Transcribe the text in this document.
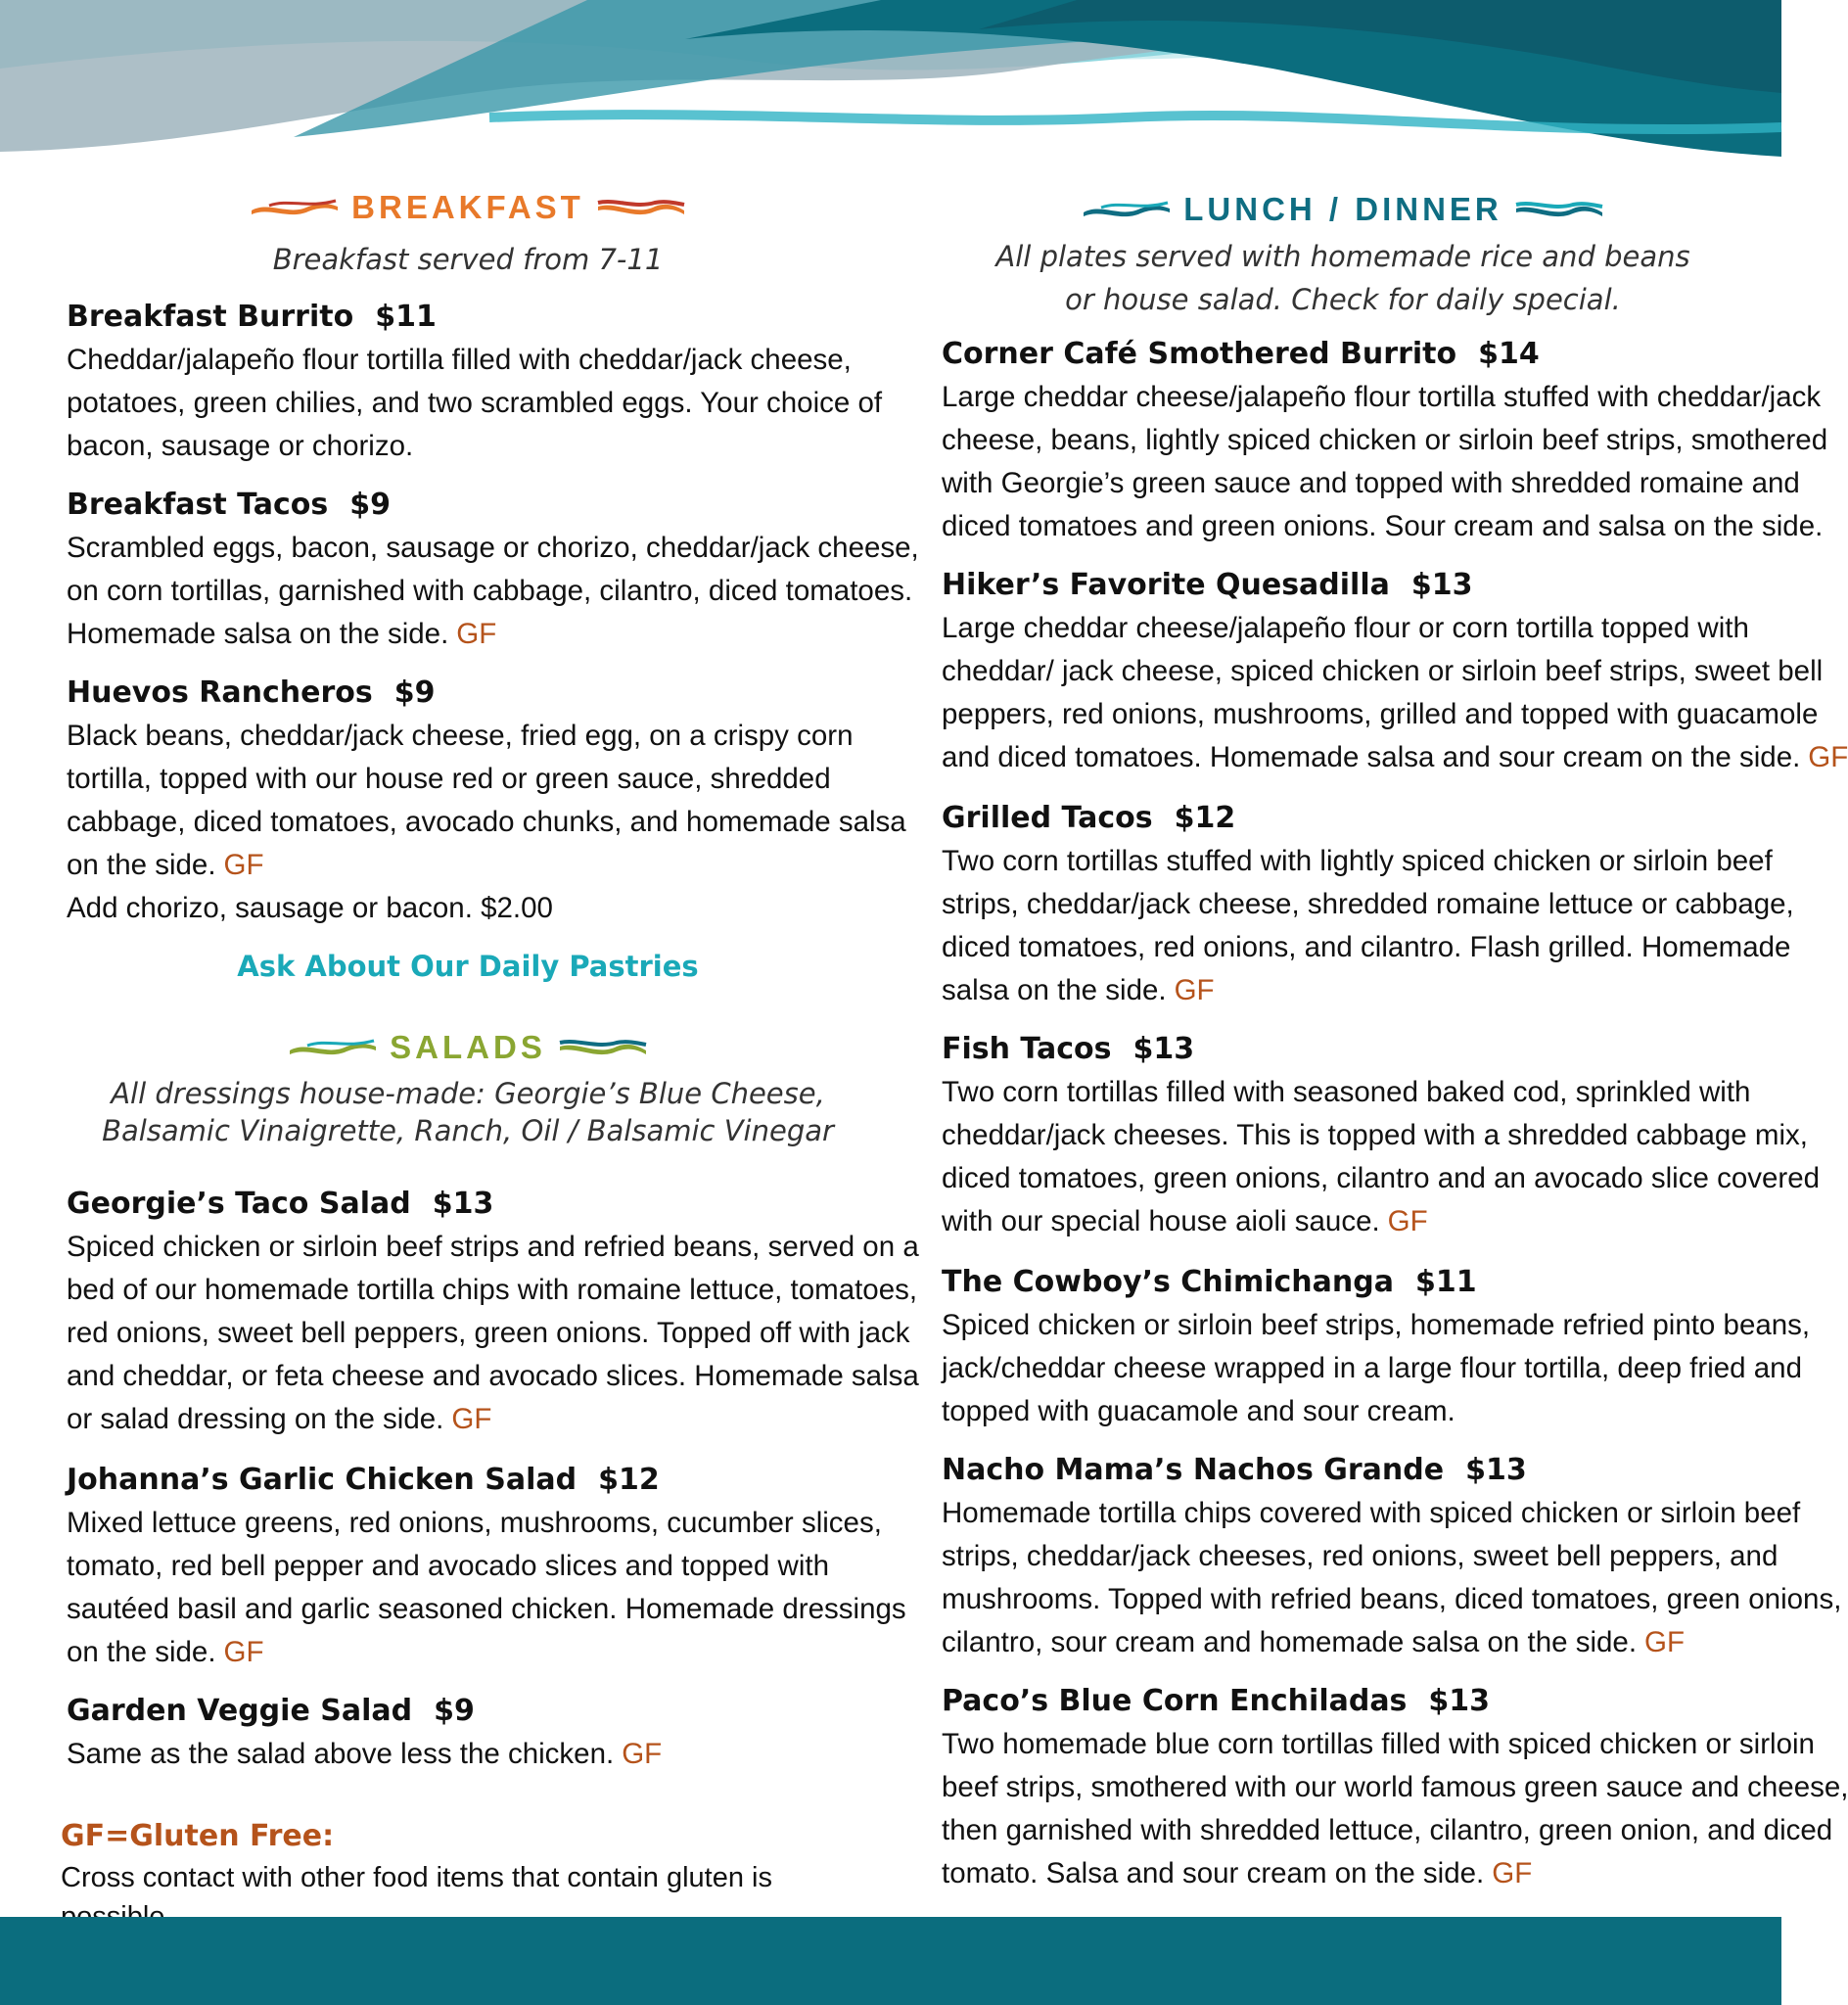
BREAKFAST
Breakfast served from 7-11
Breakfast Burrito $11
Cheddar/jalapeño flour tortilla filled with cheddar/jack cheese,
potatoes, green chilies, and two scrambled eggs. Your choice of
bacon, sausage or chorizo.
Breakfast Tacos $9
Scrambled eggs, bacon, sausage or chorizo, cheddar/jack cheese,
on corn tortillas, garnished with cabbage, cilantro, diced tomatoes.
Homemade salsa on the side. GF
Huevos Rancheros $9
Black beans, cheddar/jack cheese, fried egg, on a crispy corn
tortilla, topped with our house red or green sauce, shredded
cabbage, diced tomatoes, avocado chunks, and homemade salsa
on the side. GF
Add chorizo, sausage or bacon. $2.00
Ask About Our Daily Pastries
SALADS
All dressings house-made: Georgie’s Blue Cheese,
Balsamic Vinaigrette, Ranch, Oil / Balsamic Vinegar
Georgie’s Taco Salad $13
Spiced chicken or sirloin beef strips and refried beans, served on a
bed of our homemade tortilla chips with romaine lettuce, tomatoes,
red onions, sweet bell peppers, green onions. Topped off with jack
and cheddar, or feta cheese and avocado slices. Homemade salsa
or salad dressing on the side. GF
Johanna’s Garlic Chicken Salad $12
Mixed lettuce greens, red onions, mushrooms, cucumber slices,
tomato, red bell pepper and avocado slices and topped with
sautéed basil and garlic seasoned chicken. Homemade dressings
on the side. GF
Garden Veggie Salad $9
Same as the salad above less the chicken. GF
GF=Gluten Free:
Cross contact with other food items that contain gluten is
LUNCH / DINNER
All plates served with homemade rice and beans
or house salad. Check for daily special.
Corner Café Smothered Burrito $14
Large cheddar cheese/jalapeño flour tortilla stuffed with cheddar/jack
cheese, beans, lightly spiced chicken or sirloin beef strips, smothered
with Georgie’s green sauce and topped with shredded romaine and
diced tomatoes and green onions. Sour cream and salsa on the side.
Hiker’s Favorite Quesadilla $13
Large cheddar cheese/jalapeño flour or corn tortilla topped with
cheddar/ jack cheese, spiced chicken or sirloin beef strips, sweet bell
peppers, red onions, mushrooms, grilled and topped with guacamole
and diced tomatoes. Homemade salsa and sour cream on the side. GF
Grilled Tacos $12
Two corn tortillas stuffed with lightly spiced chicken or sirloin beef
strips, cheddar/jack cheese, shredded romaine lettuce or cabbage,
diced tomatoes, red onions, and cilantro. Flash grilled. Homemade
salsa on the side. GF
Fish Tacos $13
Two corn tortillas filled with seasoned baked cod, sprinkled with
cheddar/jack cheeses. This is topped with a shredded cabbage mix,
diced tomatoes, green onions, cilantro and an avocado slice covered
with our special house aioli sauce. GF
The Cowboy’s Chimichanga $11
Spiced chicken or sirloin beef strips, homemade refried pinto beans,
jack/cheddar cheese wrapped in a large flour tortilla, deep fried and
topped with guacamole and sour cream.
Nacho Mama’s Nachos Grande $13
Homemade tortilla chips covered with spiced chicken or sirloin beef
strips, cheddar/jack cheeses, red onions, sweet bell peppers, and
mushrooms. Topped with refried beans, diced tomatoes, green onions,
cilantro, sour cream and homemade salsa on the side. GF
Paco’s Blue Corn Enchiladas $13
Two homemade blue corn tortillas filled with spiced chicken or sirloin
beef strips, smothered with our world famous green sauce and cheese,
then garnished with shredded lettuce, cilantro, green onion, and diced
tomato. Salsa and sour cream on the side. GF
